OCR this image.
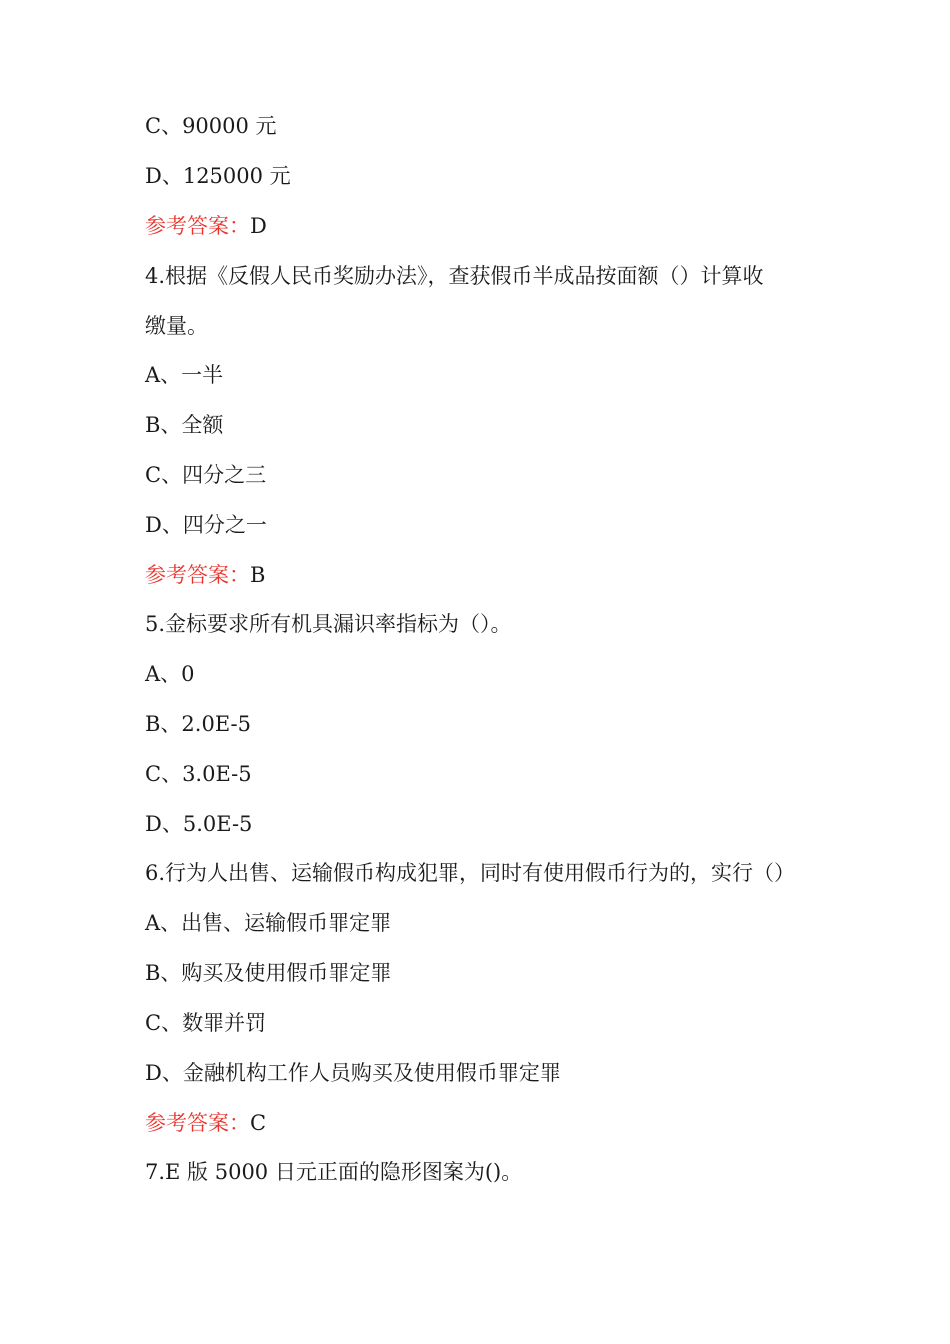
C、90000 元
D、125000 元
参考答案：D
4.根据《反假人民币奖励办法》，查获假币半成品按面额（）计算收
缴量。
A、一半
B、全额
C、四分之三
D、四分之一
参考答案：B
5.金标要求所有机具漏识率指标为（）。
A、0
B、2.0E-5
C、3.0E-5
D、5.0E-5
6.行为人出售、运输假币构成犯罪，同时有使用假币行为的，实行（）
A、出售、运输假币罪定罪
B、购买及使用假币罪定罪
C、数罪并罚
D、金融机构工作人员购买及使用假币罪定罪
参考答案：C
7.E 版 5000 日元正面的隐形图案为()。
